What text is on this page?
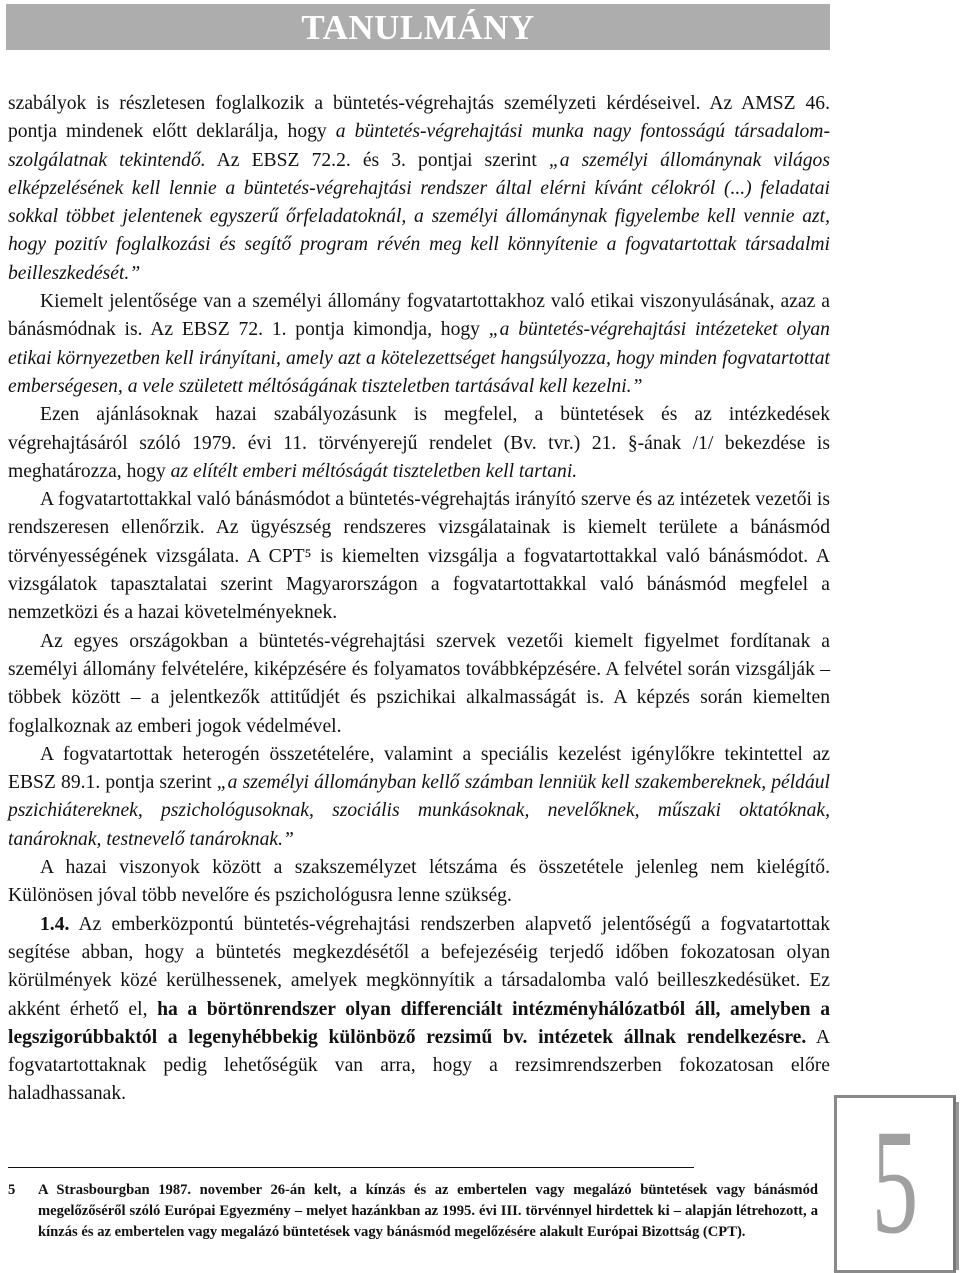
TANULMÁNY

szabályok is részletesen foglalkozik a büntetés-végrehajtás személyzeti kérdéseivel. Az AMSZ 46. pontja mindenek előtt deklarálja, hogy a büntetés-végrehajtási munka nagy fontosságú társadalom-szolgálatnak tekintendő. Az EBSZ 72.2. és 3. pontjai szerint „a személyi állománynak világos elképzelésének kell lennie a büntetés-végrehajtási rendszer által elérni kívánt célokról (...) feladatai sokkal többet jelentenek egyszerű őrfeladatoknál, a személyi állománynak figyelembe kell vennie azt, hogy pozitív foglalkozási és segítő program révén meg kell könnyítenie a fogvatartottak társadalmi beilleszkedését.”

Kiemelt jelentősége van a személyi állomány fogvatartottakhoz való etikai viszonyulásának, azaz a bánásmódnak is. Az EBSZ 72. 1. pontja kimondja, hogy „a büntetés-végrehajtási intézeteket olyan etikai környezetben kell irányítani, amely azt a kötelezettséget hangsúlyozza, hogy minden fogvatartottat emberségesen, a vele született méltóságának tiszteletben tartásával kell kezelni.”

Ezen ajánlásoknak hazai szabályozásunk is megfelel, a büntetések és az intézkedések végrehajtásáról szóló 1979. évi 11. törvényerejű rendelet (Bv. tvr.) 21. §-ának /1/ bekezdése is meghatározza, hogy az elítélt emberi méltóságát tiszteletben kell tartani.

A fogvatartottakkal való bánásmódot a büntetés-végrehajtás irányító szerve és az intézetek vezetői is rendszeresen ellenőrzik. Az ügyészség rendszeres vizsgálatainak is kiemelt területe a bánásmód törvényességének vizsgálata. A CPT⁵ is kiemelten vizsgálja a fogvatartottakkal való bánásmódot. A vizsgálatok tapasztalatai szerint Magyarországon a fogvatartottakkal való bánásmód megfelel a nemzetközi és a hazai követelményeknek.

Az egyes országokban a büntetés-végrehajtási szervek vezetői kiemelt figyelmet fordítanak a személyi állomány felvételére, kiképzésére és folyamatos továbbképzésére. A felvétel során vizsgálják – többek között – a jelentkezők attitűdjét és pszichikai alkalmasságát is. A képzés során kiemelten foglalkoznak az emberi jogok védelmével.

A fogvatartottak heterogén összetételére, valamint a speciális kezelést igénylőkre tekintettel az EBSZ 89.1. pontja szerint „a személyi állományban kellő számban lenniük kell szakembereknek, például pszichiátereknek, pszichológusoknak, szociális munkásoknak, nevelőknek, műszaki oktatóknak, tanároknak, testnevelő tanároknak.”

A hazai viszonyok között a szakszemélyzet létszáma és összetétele jelenleg nem kielégítő. Különösen jóval több nevelőre és pszichológusra lenne szükség.

1.4. Az emberközpontú büntetés-végrehajtási rendszerben alapvető jelentőségű a fogvatartottak segítése abban, hogy a büntetés megkezdésétől a befejezéséig terjedő időben fokozatosan olyan körülmények közé kerülhessenek, amelyek megkönnyítik a társadalomba való beilleszkedésüket. Ez akként érhető el, ha a börtönrendszer olyan differenciált intézményhálózatból áll, amelyben a legszigorúbbaktól a legenyhébbekig különböző rezsimű bv. intézetek állnak rendelkezésre. A fogvatartottaknak pedig lehetőségük van arra, hogy a rezsimrendszerben fokozatosan előre haladhassanak.

5 A Strasbourgban 1987. november 26-án kelt, a kínzás és az embertelen vagy megalázó büntetések vagy bánásmód megelőzőséről szóló Európai Egyezmény – melyet hazánkban az 1995. évi III. törvénnyel hirdettek ki – alapján létrehozott, a kínzás és az embertelen vagy megalázó büntetések vagy bánásmód megelőzésére alakult Európai Bizottság (CPT). 5
